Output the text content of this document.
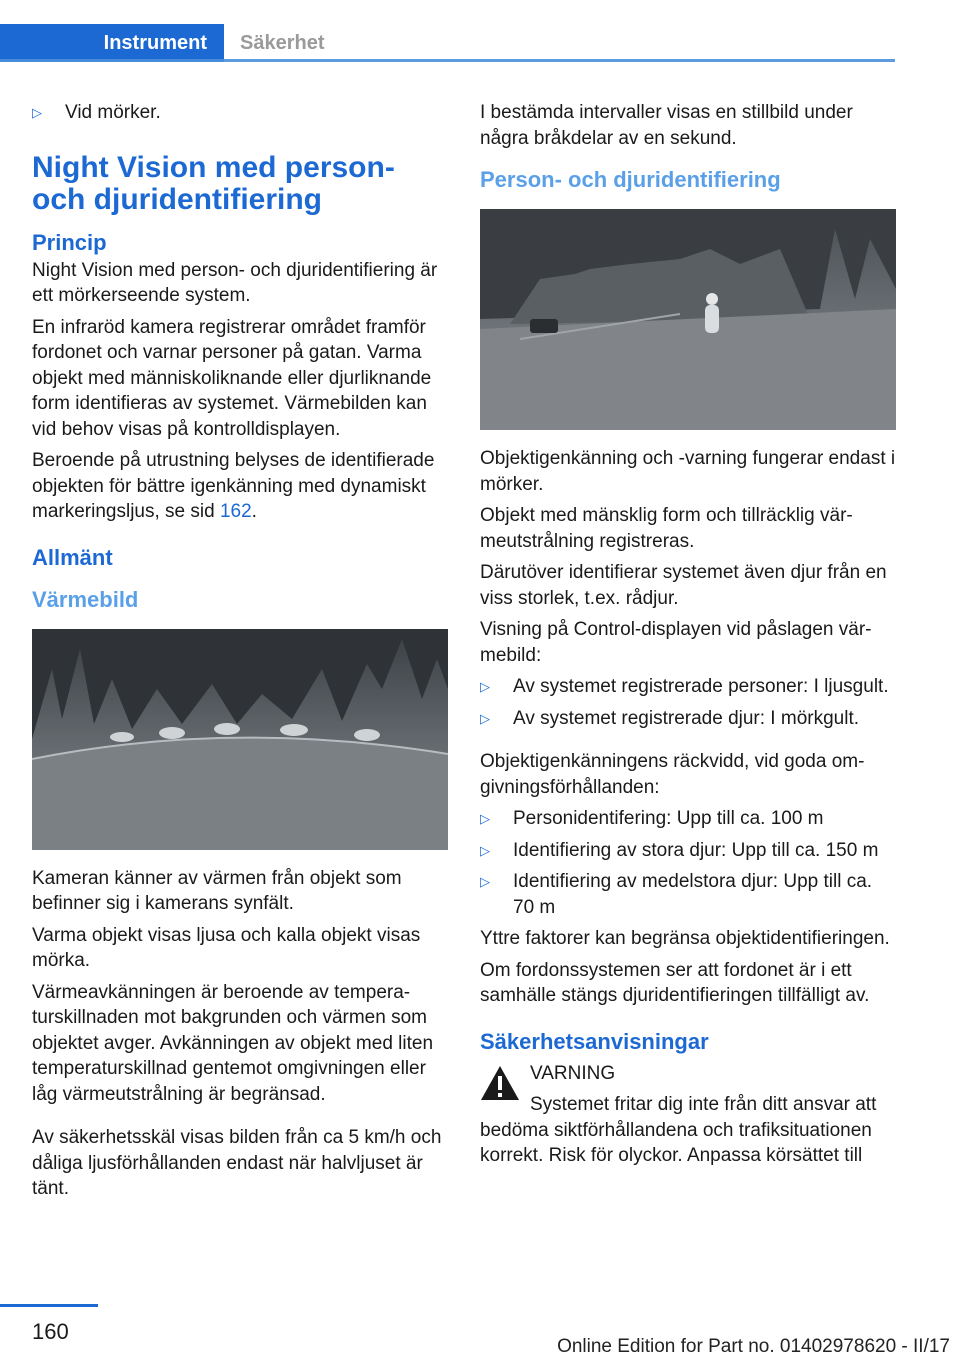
Instrument	Säkerhet
▷	Vid mörker.
Night Vision med person- och djuridentifiering
Princip

Night Vision med person- och djuridentifiering är ett mörkerseende system.

En infraröd kamera registrerar området framför fordonet och varnar personer på gatan. Varma objekt med människoliknande eller djurliknande form identifieras av systemet. Värmebilden kan vid behov visas på kontrolldisplayen.

Beroende på utrustning belyses de identifierade objekten för bättre igenkänning med dynamiskt markeringsljus, se sid 162.

Allmänt
Värmebild

Kameran känner av värmen från objekt som befinner sig i kamerans synfält.

Varma objekt visas ljusa och kalla objekt visas mörka.

Värmeavkänningen är beroende av temperaturskillnaden mot bakgrunden och värmen som objektet avger. Avkänningen av objekt med liten temperaturskillnad gentemot omgivningen eller låg värmeutstrålning är begränsad.

Av säkerhetsskäl visas bilden från ca 5 km/h och dåliga ljusförhållanden endast när halvljuset är tänt.

I bestämda intervaller visas en stillbild under några bråkdelar av en sekund.

Person- och djuridentifiering

Objektigenkänning och -varning fungerar endast i mörker.

Objekt med mänsklig form och tillräcklig värmeutstrålning registreras.

Därutöver identifierar systemet även djur från en viss storlek, t.ex. rådjur.

Visning på Control-displayen vid påslagen värmebild:

▷	Av systemet registrerade personer: I ljusgult.
▷	Av systemet registrerade djur: I mörkgult.

Objektigenkänningens räckvidd, vid goda omgivningsförhållanden:

▷	Personidentifering: Upp till ca. 100 m
▷	Identifiering av stora djur: Upp till ca. 150 m
▷	Identifiering av medelstora djur: Upp till ca. 70 m

Yttre faktorer kan begränsa objektidentifieringen.

Om fordonssystemen ser att fordonet är i ett samhälle stängs djuridentifieringen tillfälligt av.

Säkerhetsanvisningar
VARNING
Systemet fritar dig inte från ditt ansvar att bedöma siktförhållandena och trafiksituationen korrekt. Risk för olyckor. Anpassa körsättet till
160
Online Edition for Part no. 01402978620 - II/17
